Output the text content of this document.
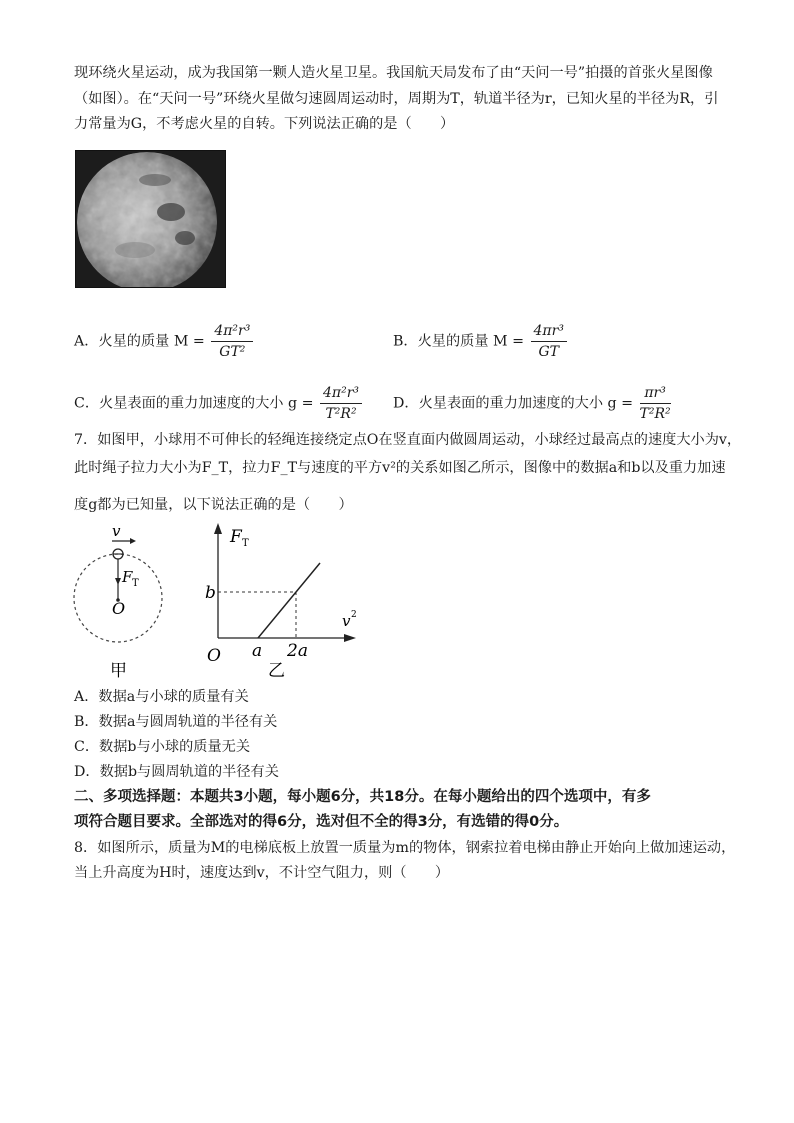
现环绕火星运动，成为我国第一颗人造火星卫星。我国航天局发布了由“天问一号”拍摄的首张火星图像
（如图）。在“天问一号”环绕火星做匀速圆周运动时，周期为T，轨道半径为r，已知火星的半径为R，引
力常量为G，不考虑火星的自转。下列说法正确的是（　　）
A．火星的质量 $M = \frac{\text{4π²r³}}{\text{GT²}}$	B．火星的质量 $M = \frac{\text{4πr³}}{GT}$
C．火星表面的重力加速度的大小 $g = \frac{\text{4π²r³}}{\text{T²R²}}$ D．火星表面的重力加速度的大小 $g = \frac{\text{πr³}}{\text{T²R²}}$
7．如图甲，小球用不可伸长的轻绳连接绕定点O在竖直面内做圆周运动，小球经过最高点的速度大小为v，
此时绳子拉力大小为F_T，拉力F_T与速度的平方v²的关系如图乙所示，图像中的数据a和b以及重力加速
度g都为已知量，以下说法正确的是（　　）
v
F T
O
甲
F T
v 2
b
a 2a
O
乙
A．数据a与小球的质量有关
B．数据a与圆周轨道的半径有关
C．数据b与小球的质量无关
D．数据b与圆周轨道的半径有关
二、多项选择题：本题共3小题，每小题6分，共18分。在每小题给出的四个选项中，有多
项符合题目要求。全部选对的得6分，选对但不全的得3分，有选错的得0分。
8．如图所示，质量为M的电梯底板上放置一质量为m的物体，钢索拉着电梯由静止开始向上做加速运动，
当上升高度为H时，速度达到v，不计空气阻力，则（　　）
